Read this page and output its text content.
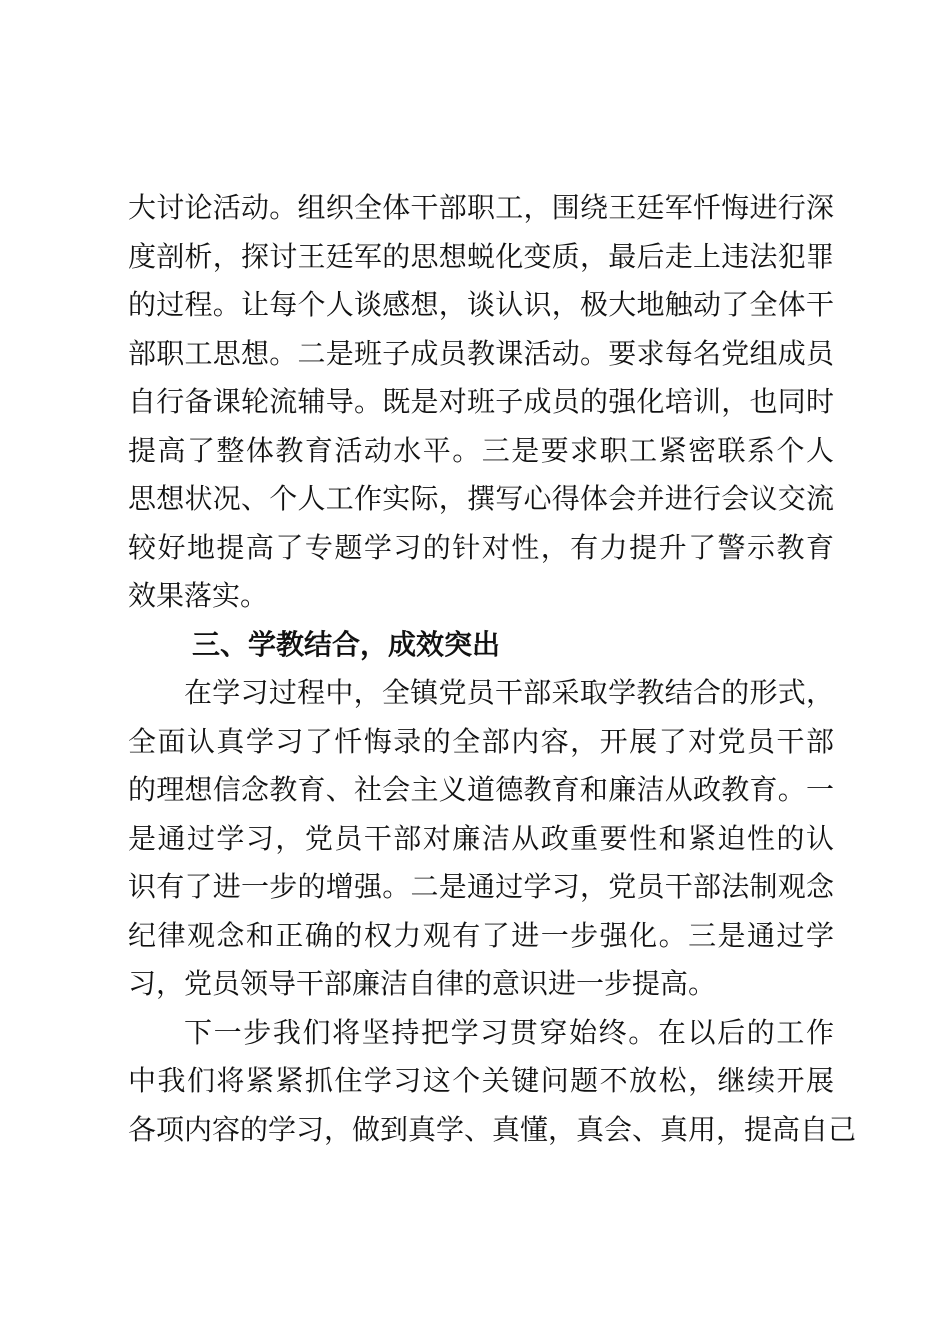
大讨论活动。组织全体干部职工，围绕王廷军忏悔进行深
度剖析，探讨王廷军的思想蜕化变质，最后走上违法犯罪
的过程。让每个人谈感想，谈认识，极大地触动了全体干
部职工思想。二是班子成员教课活动。要求每名党组成员
自行备课轮流辅导。既是对班子成员的强化培训，也同时
提高了整体教育活动水平。三是要求职工紧密联系个人
思想状况、个人工作实际，撰写心得体会并进行会议交流
较好地提高了专题学习的针对性，有力提升了警示教育
效果落实。
三、学教结合，成效突出
在学习过程中，全镇党员干部采取学教结合的形式，
全面认真学习了忏悔录的全部内容，开展了对党员干部
的理想信念教育、社会主义道德教育和廉洁从政教育。一
是通过学习，党员干部对廉洁从政重要性和紧迫性的认
识有了进一步的增强。二是通过学习，党员干部法制观念
纪律观念和正确的权力观有了进一步强化。三是通过学
习，党员领导干部廉洁自律的意识进一步提高。
下一步我们将坚持把学习贯穿始终。在以后的工作
中我们将紧紧抓住学习这个关键问题不放松，继续开展
各项内容的学习，做到真学、真懂，真会、真用，提高自己
